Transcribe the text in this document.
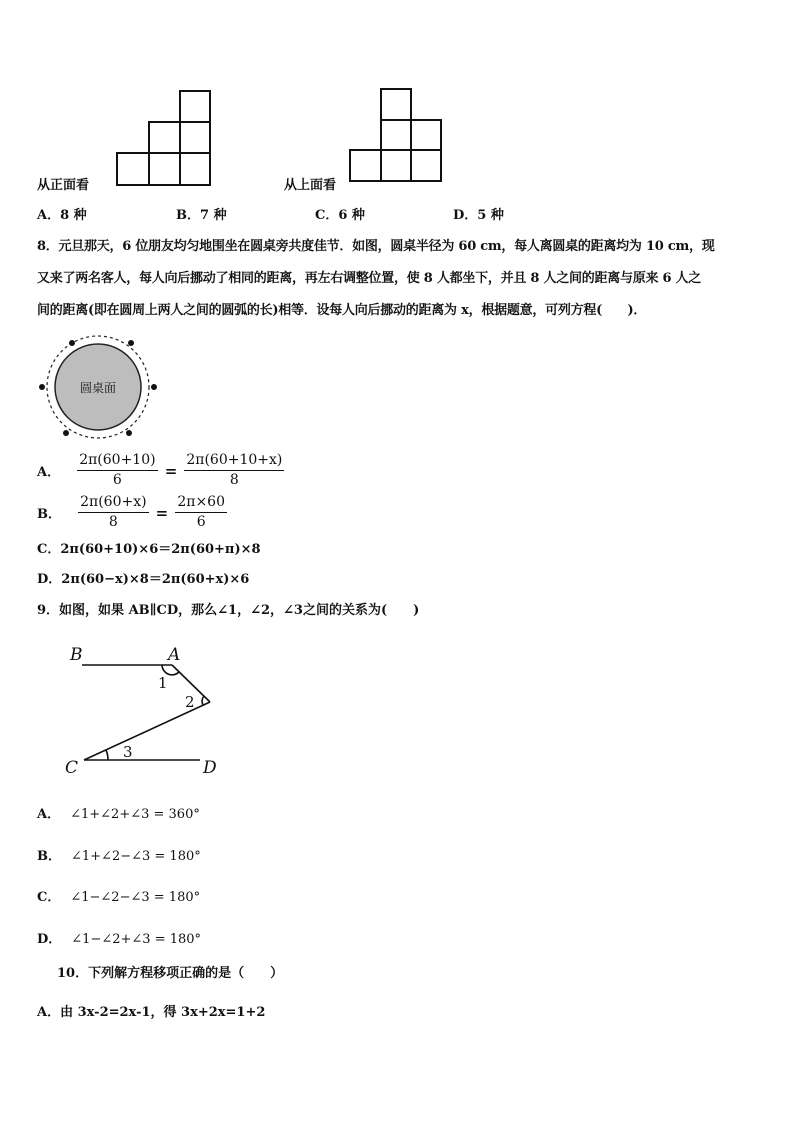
从正面看	从上面看
A．8 种	B．7 种	C．6 种	D．5 种
8．元旦那天，6 位朋友均匀地围坐在圆桌旁共度佳节．如图，圆桌半径为 60 cm，每人离圆桌的距离均为 10 cm，现
又来了两名客人，每人向后挪动了相同的距离，再左右调整位置，使 8 人都坐下，并且 8 人之间的距离与原来 6 人之
间的距离(即在圆周上两人之间的圆弧的长)相等．设每人向后挪动的距离为 x，根据题意，可列方程(　　)．
圆桌面
A． $\frac{2\pi(60+10)}{6} = \frac{2\pi(60+10+x)}{8}$
B． $\frac{2\pi(60+x)}{8} = \frac{2\pi\times 60}{6}$
C．2π(60+10)×6＝2π(60+π)×8
D．2π(60−x)×8＝2π(60+x)×6
9．如图，如果 AB∥CD，那么∠1，∠2，∠3之间的关系为(　　)
B	A
C	D
1
2
3
A． ∠1+∠2+∠3 = 360°
B． ∠1+∠2−∠3 = 180°
C． ∠1−∠2−∠3 = 180°
D． ∠1−∠2+∠3 = 180°
10．下列解方程移项正确的是（　　）
A．由 3x-2=2x-1，得 3x+2x=1+2
